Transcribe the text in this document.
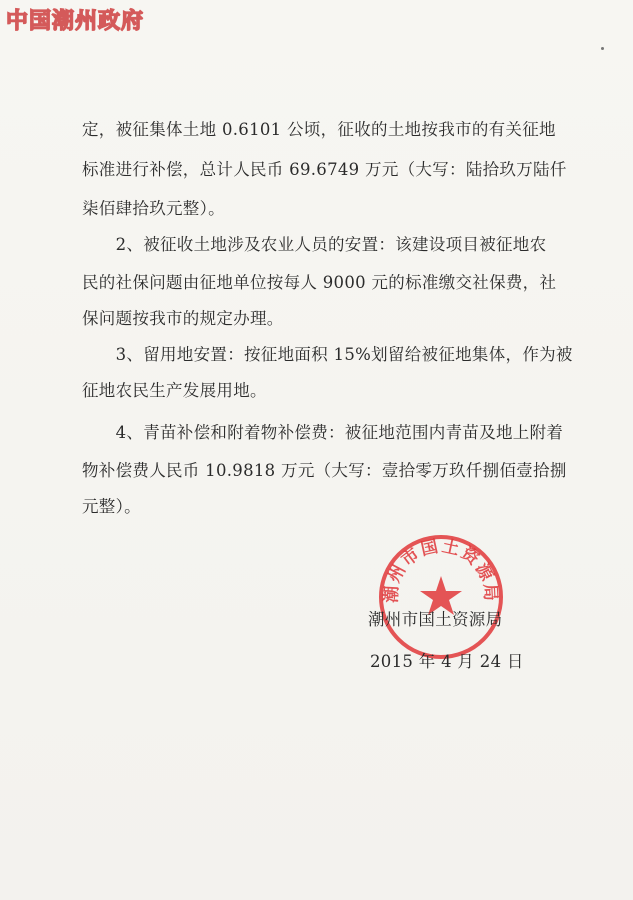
中国潮州政府
定，被征集体土地 0.6101 公顷，征收的土地按我市的有关征地
标准进行补偿，总计人民币 69.6749 万元（大写：陆拾玖万陆仟
柒佰肆拾玖元整）。
　　2、被征收土地涉及农业人员的安置：该建设项目被征地农
民的社保问题由征地单位按每人 9000 元的标准缴交社保费，社
保问题按我市的规定办理。
　　3、留用地安置：按征地面积 15%划留给被征地集体，作为被
征地农民生产发展用地。
　　4、青苗补偿和附着物补偿费：被征地范围内青苗及地上附着
物补偿费人民币 10.9818 万元（大写：壹拾零万玖仟捌佰壹拾捌
元整）。
潮州市国土资源局
潮州市国土资源局
2015 年 4 月 24 日
